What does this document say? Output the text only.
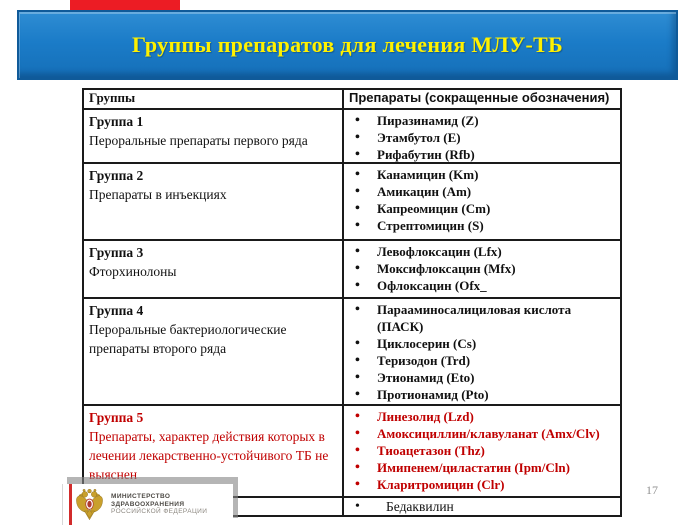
Группы препаратов для лечения МЛУ-ТБ
Группы	Препараты (сокращенные обозначения)
Группа 1
Пероральные препараты первого ряда
• Пиразинамид (Z)
• Этамбутол (E)
• Рифабутин (Rfb)
Группа 2
Препараты в инъекциях
• Канамицин (Km)
• Амикацин (Am)
• Капреомицин (Cm)
• Стрептомицин (S)
Группа 3
Фторхинолоны
• Левофлоксацин (Lfx)
• Моксифлоксацин (Mfx)
• Офлоксацин (Ofx_
Группа 4
Пероральные бактериологические препараты второго ряда
• Парааминосалициловая кислота (ПАСК)
• Циклосерин (Cs)
• Теризодон (Trd)
• Этионамид (Eto)
• Протионамид (Pto)
Группа 5
Препараты, характер действия которых в лечении лекарственно-устойчивого ТБ не выяснен
• Линезолид (Lzd)
• Амоксициллин/клавуланат (Amx/Clv)
• Тиоацетазон (Thz)
• Имипенем/циластатин (Ipm/Cln)
• Кларитромицин (Clr)
• Бедаквилин
МИНИСТЕРСТВО
ЗДРАВООХРАНЕНИЯ
РОССИЙСКОЙ ФЕДЕРАЦИИ
17
